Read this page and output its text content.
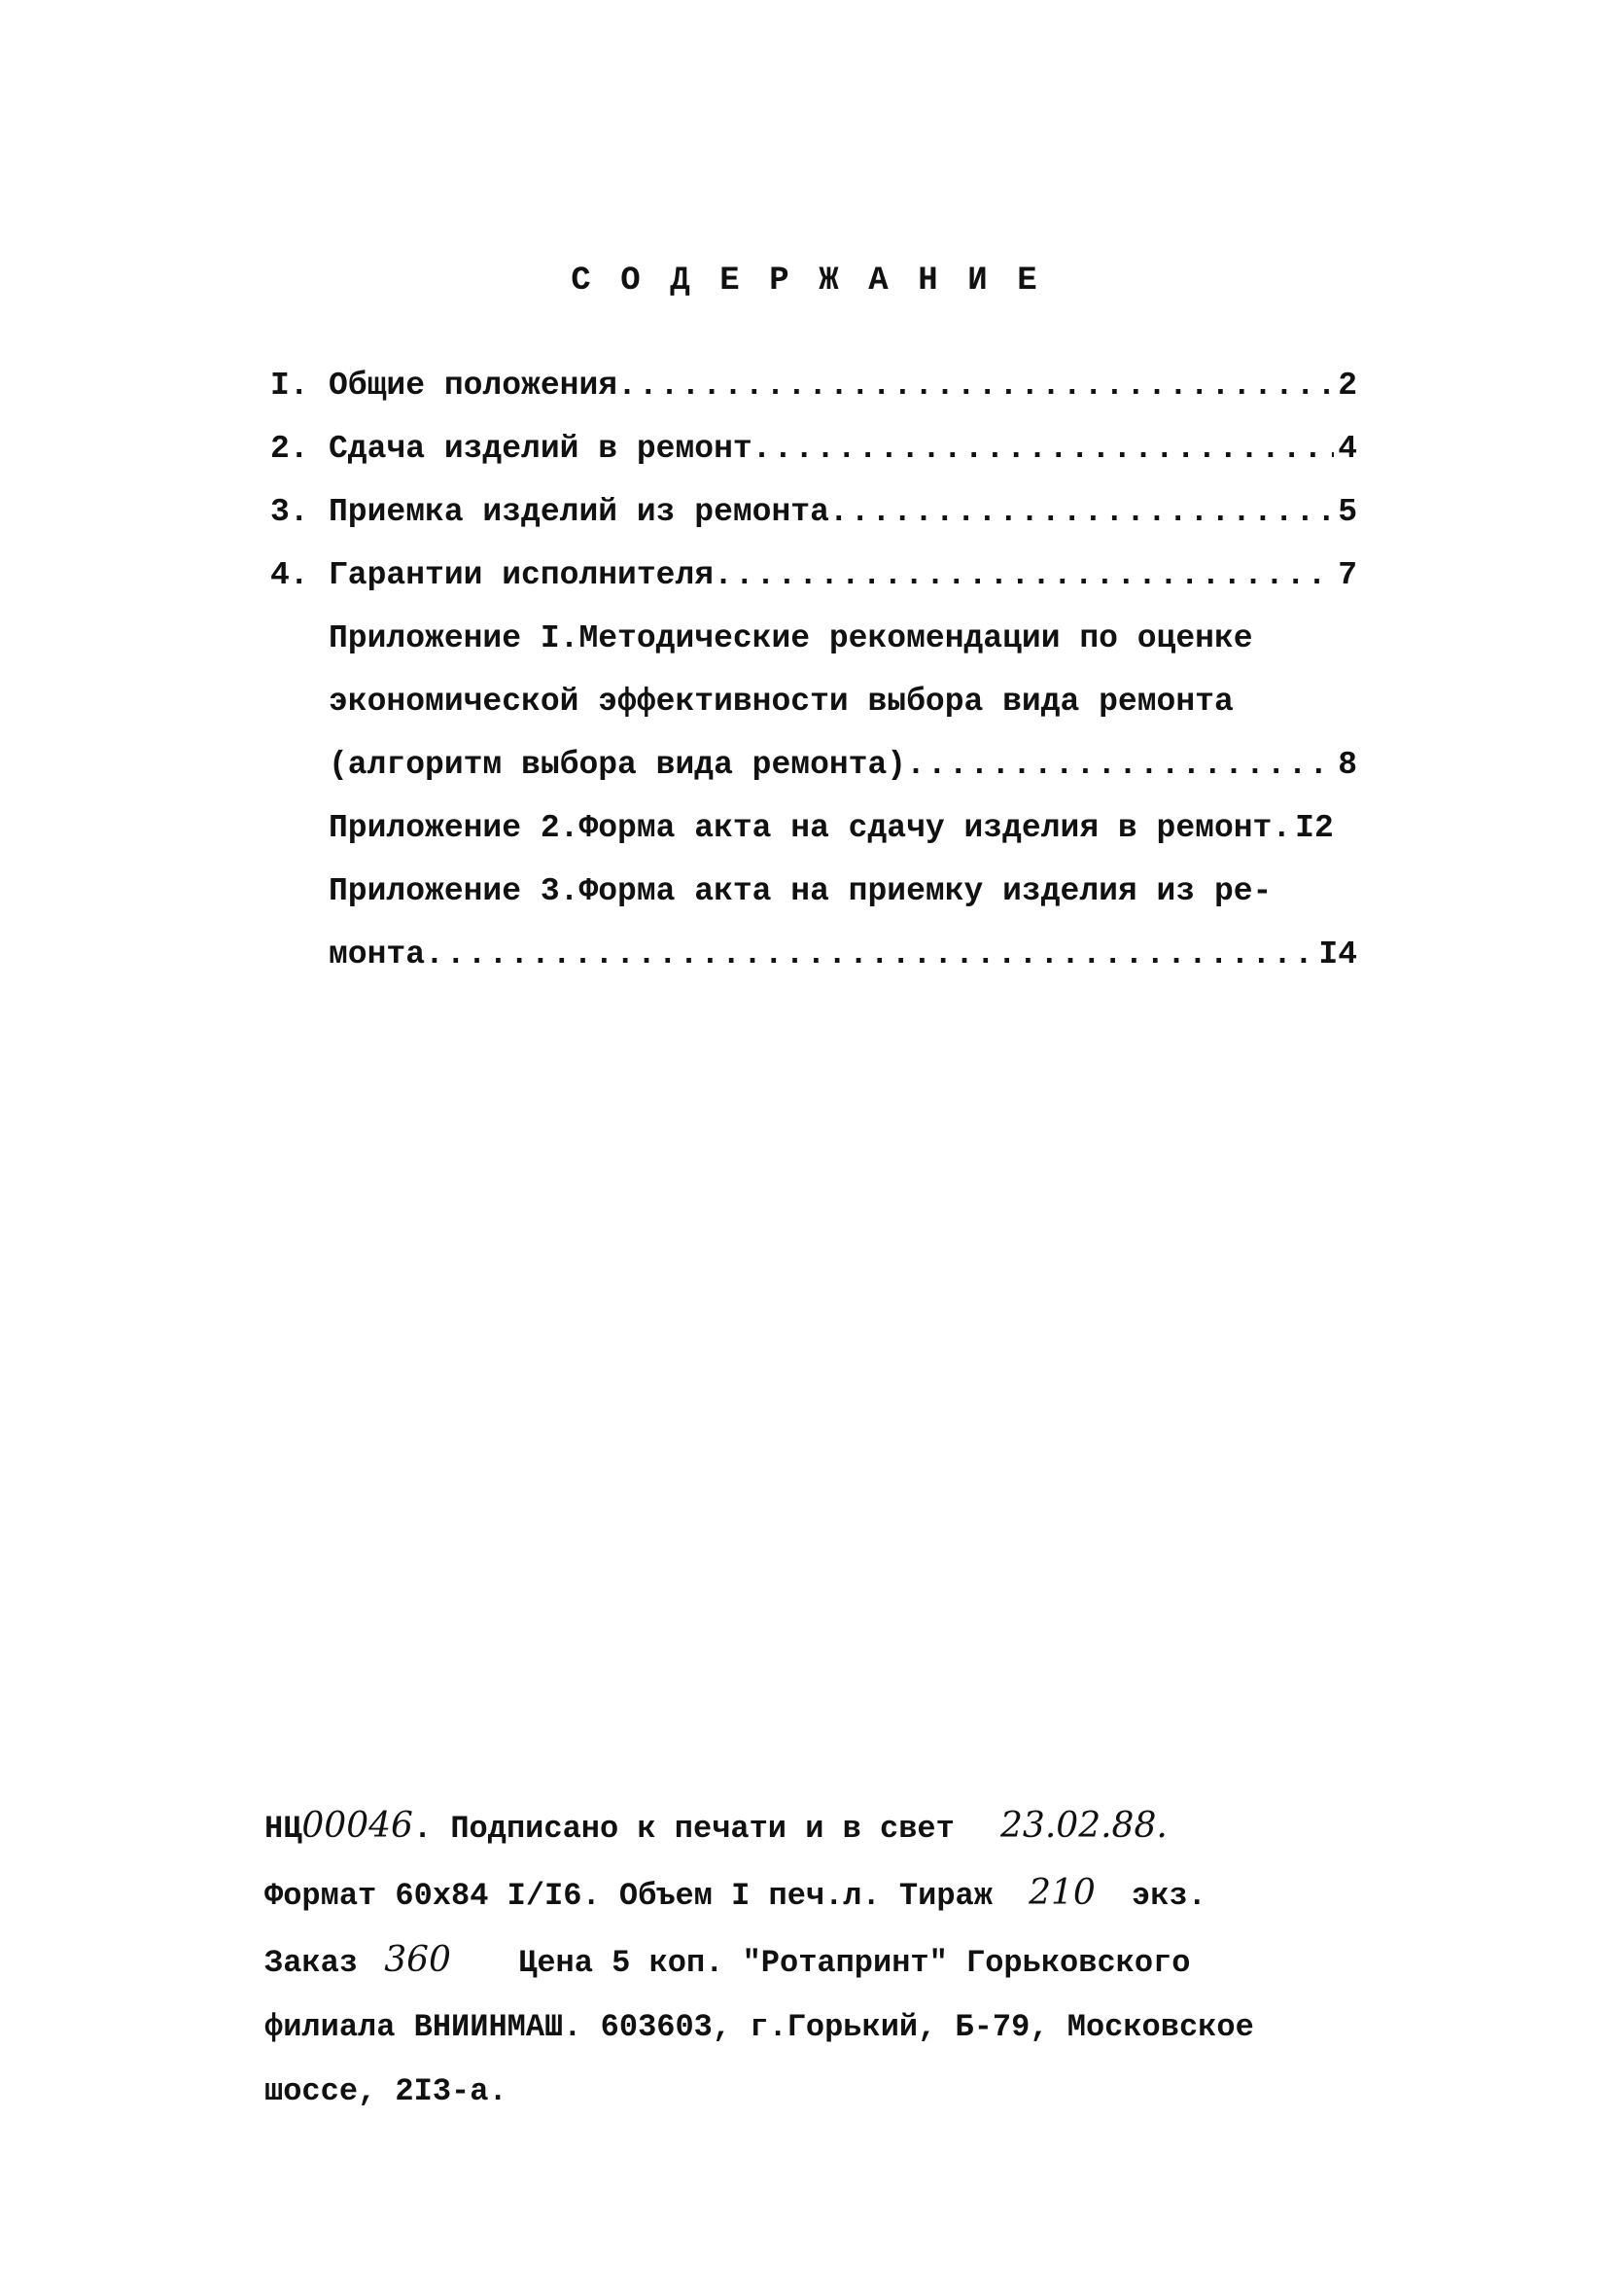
СОДЕРЖАНИЕ
I. Общие положения .....	2
2. Сдача изделий в ремонт .....	4
3. Приемка изделий из ремонта .....	5
4. Гарантии исполнителя .....	7
Приложение I.Методические рекомендации по оценке
экономической эффективности выбора вида ремонта
(алгоритм выбора вида ремонта) .....	8
Приложение 2.Форма акта на сдачу изделия в ремонт. I2
Приложение 3.Форма акта на приемку изделия из ре-
монта .....	I4
НЦ00046. Подписано к печати и в свет 23.02.88.
Формат 60х84 I/I6. Объем I печ.л. Тираж 210 экз.
Заказ 360 Цена 5 коп. "Ротапринт" Горьковского
филиала ВНИИНМАШ. 603603, г.Горький, Б-79, Московское
шоссе, 2I3-а.
